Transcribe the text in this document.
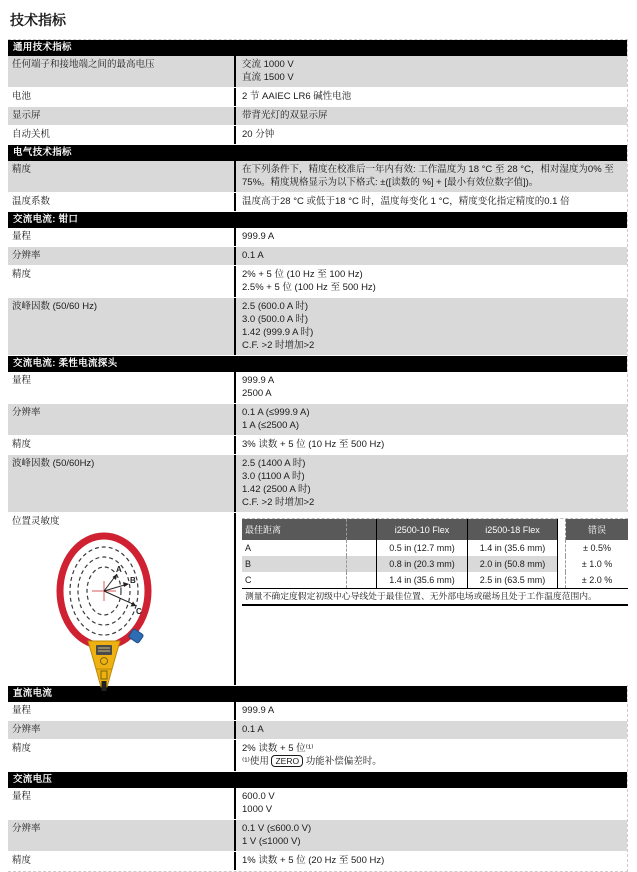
技术指标
通用技术指标
任何端子和接地端之间的最高电压	交流 1000 V
直流 1500 V
电池	2 节 AAIEC LR6 碱性电池
显示屏	带背光灯的双显示屏
自动关机	20 分钟
电气技术指标
精度	在下列条件下，精度在校准后一年内有效: 工作温度为 18 °C 至 28 °C，相对湿度为0% 至
75%。精度规格显示为以下格式: ±([读数的 %] + [最小有效位数字值])。
温度系数	温度高于28 °C 或低于18 °C 时，温度每变化 1 °C，精度变化指定精度的0.1 倍
交流电流: 钳口
量程	999.9 A
分辨率	0.1 A
精度	2% + 5 位 (10 Hz 至 100 Hz)
2.5% + 5 位 (100 Hz 至 500 Hz)
波峰因数 (50/60 Hz)	2.5 (600.0 A 时)
3.0 (500.0 A 时)
1.42 (999.9 A 时)
C.F. >2 时增加>2
交流电流: 柔性电流探头
量程	999.9 A
2500 A
分辨率	0.1 A (≤999.9 A)
1 A (≤2500 A)
精度	3% 读数 + 5 位 (10 Hz 至 500 Hz)
波峰因数 (50/60Hz)	2.5 (1400 A 时)
3.0 (1100 A 时)
1.42 (2500 A 时)
C.F. >2 时增加>2
位置灵敏度
A
B
C
最佳距离	i2500-10 Flex	i2500-18 Flex	错误
A	0.5 in (12.7 mm)	1.4 in (35.6 mm)	± 0.5%
B	0.8 in (20.3 mm)	2.0 in (50.8 mm)	± 1.0 %
C	1.4 in (35.6 mm)	2.5 in (63.5 mm)	± 2.0 %
测量不确定度假定初级中心导线处于最佳位置、无外部电场或磁场且处于工作温度范围内。
直流电流
量程	999.9 A
分辨率	0.1 A
精度	2% 读数 + 5 位⁽¹⁾
⁽¹⁾使用 ZERO 功能补偿偏差时。
交流电压
量程	600.0 V
1000 V
分辨率	0.1 V (≤600.0 V)
1 V (≤1000 V)
精度	1% 读数 + 5 位 (20 Hz 至 500 Hz)
